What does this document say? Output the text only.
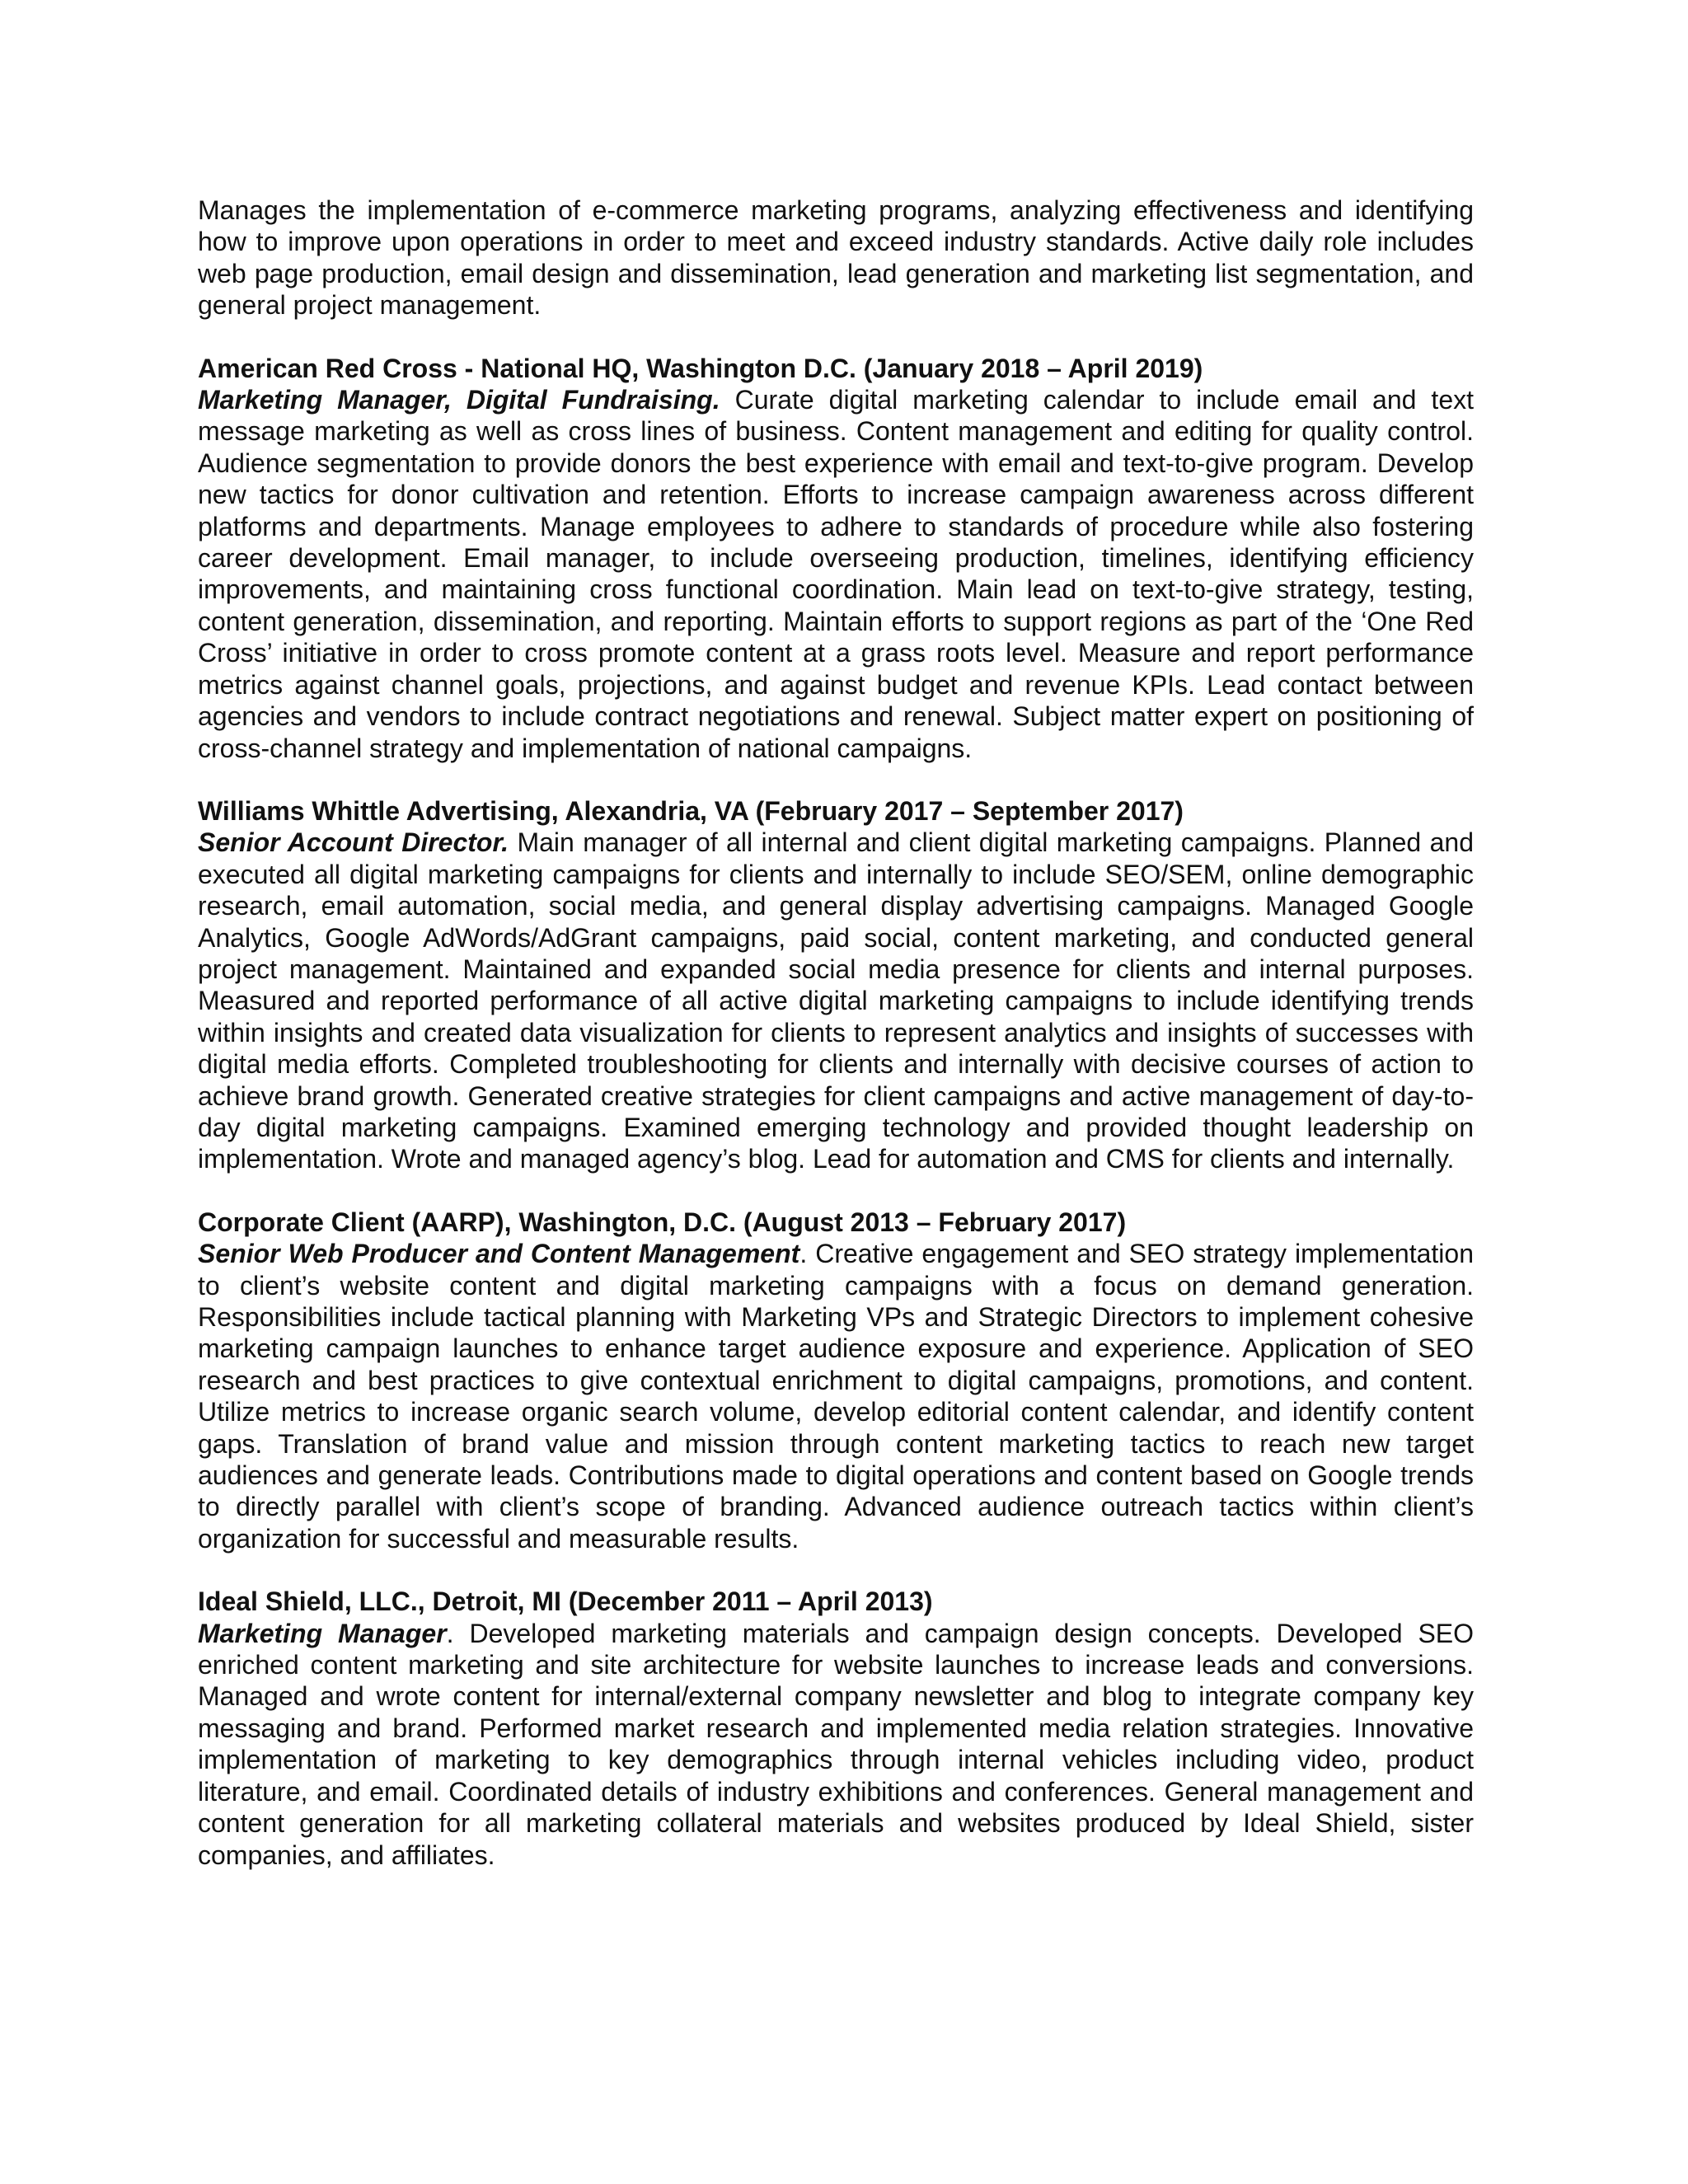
Manages the implementation of e-commerce marketing programs, analyzing effectiveness and identifying how to improve upon operations in order to meet and exceed industry standards. Active daily role includes web page production, email design and dissemination, lead generation and marketing list segmentation, and general project management.

American Red Cross - National HQ, Washington D.C. (January 2018 – April 2019)

Marketing Manager, Digital Fundraising. Curate digital marketing calendar to include email and text message marketing as well as cross lines of business. Content management and editing for quality control. Audience segmentation to provide donors the best experience with email and text-to-give program. Develop new tactics for donor cultivation and retention. Efforts to increase campaign awareness across different platforms and departments. Manage employees to adhere to standards of procedure while also fostering career development. Email manager, to include overseeing production, timelines, identifying efficiency improvements, and maintaining cross functional coordination. Main lead on text-to-give strategy, testing, content generation, dissemination, and reporting. Maintain efforts to support regions as part of the ‘One Red Cross’ initiative in order to cross promote content at a grass roots level. Measure and report performance metrics against channel goals, projections, and against budget and revenue KPIs. Lead contact between agencies and vendors to include contract negotiations and renewal. Subject matter expert on positioning of cross-channel strategy and implementation of national campaigns.

Williams Whittle Advertising, Alexandria, VA (February 2017 – September 2017)

Senior Account Director. Main manager of all internal and client digital marketing campaigns. Planned and executed all digital marketing campaigns for clients and internally to include SEO/SEM, online demographic research, email automation, social media, and general display advertising campaigns. Managed Google Analytics, Google AdWords/AdGrant campaigns, paid social, content marketing, and conducted general project management. Maintained and expanded social media presence for clients and internal purposes. Measured and reported performance of all active digital marketing campaigns to include identifying trends within insights and created data visualization for clients to represent analytics and insights of successes with digital media efforts. Completed troubleshooting for clients and internally with decisive courses of action to achieve brand growth. Generated creative strategies for client campaigns and active management of day-to-day digital marketing campaigns. Examined emerging technology and provided thought leadership on implementation. Wrote and managed agency’s blog. Lead for automation and CMS for clients and internally.

Corporate Client (AARP), Washington, D.C. (August 2013 – February 2017)

Senior Web Producer and Content Management. Creative engagement and SEO strategy implementation to client’s website content and digital marketing campaigns with a focus on demand generation. Responsibilities include tactical planning with Marketing VPs and Strategic Directors to implement cohesive marketing campaign launches to enhance target audience exposure and experience. Application of SEO research and best practices to give contextual enrichment to digital campaigns, promotions, and content. Utilize metrics to increase organic search volume, develop editorial content calendar, and identify content gaps. Translation of brand value and mission through content marketing tactics to reach new target audiences and generate leads. Contributions made to digital operations and content based on Google trends to directly parallel with client’s scope of branding. Advanced audience outreach tactics within client’s organization for successful and measurable results.

Ideal Shield, LLC., Detroit, MI (December 2011 – April 2013)

Marketing Manager. Developed marketing materials and campaign design concepts. Developed SEO enriched content marketing and site architecture for website launches to increase leads and conversions. Managed and wrote content for internal/external company newsletter and blog to integrate company key messaging and brand. Performed market research and implemented media relation strategies. Innovative implementation of marketing to key demographics through internal vehicles including video, product literature, and email. Coordinated details of industry exhibitions and conferences. General management and content generation for all marketing collateral materials and websites produced by Ideal Shield, sister companies, and affiliates.
